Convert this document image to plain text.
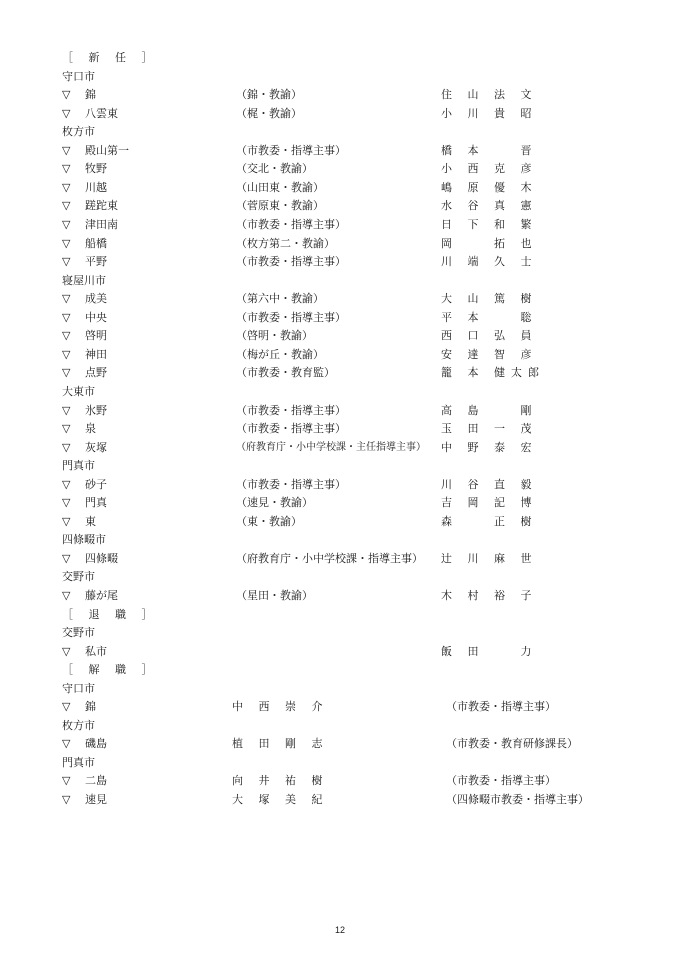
［ 新 任 ］
守口市
▽ 錦	（錦・教諭）	住 山 法 文
▽ 八雲東	（梶・教諭）	小 川 貴 昭
枚方市
▽ 殿山第一	（市教委・指導主事）	橋 本 　 晋
▽ 牧野	（交北・教諭）	小 西 克 彦
▽ 川越	（山田東・教諭）	嶋 原 優 木
▽ 蹉跎東	（菅原東・教諭）	水 谷 真 憲
▽ 津田南	（市教委・指導主事）	日 下 和 繁
▽ 船橋	（枚方第二・教諭）	岡 　 拓 也
▽ 平野	（市教委・指導主事）	川 端 久 士
寝屋川市
▽ 成美	（第六中・教諭）	大 山 篤 樹
▽ 中央	（市教委・指導主事）	平 本 　 聡
▽ 啓明	（啓明・教諭）	西 口 弘 員
▽ 神田	（梅が丘・教諭）	安 達 智 彦
▽ 点野	（市教委・教育監）	籠 本 健太郎
大東市
▽ 氷野	（市教委・指導主事）	高 島 　 剛
▽ 泉	（市教委・指導主事）	玉 田 一 茂
▽ 灰塚	（府教育庁・小中学校課・主任指導主事） 中 野 泰 宏
門真市
▽ 砂子	（市教委・指導主事）	川 谷 直 毅
▽ 門真	（速見・教諭）	吉 岡 記 博
▽ 東	（東・教諭）	森 　 正 樹
四條畷市
▽ 四條畷	（府教育庁・小中学校課・指導主事） 辻 川 麻 世
交野市
▽ 藤が尾	（星田・教諭）	木 村 裕 子
［ 退 職 ］
交野市
▽ 私市	飯 田 　 力
［ 解 職 ］
守口市
▽ 錦	中 西 崇 介	（市教委・指導主事）
枚方市
▽ 磯島	植 田 剛 志	（市教委・教育研修課長）
門真市
▽ 二島	向 井 祐 樹	（市教委・指導主事）
▽ 速見	大 塚 美 紀	（四條畷市教委・指導主事）
12
